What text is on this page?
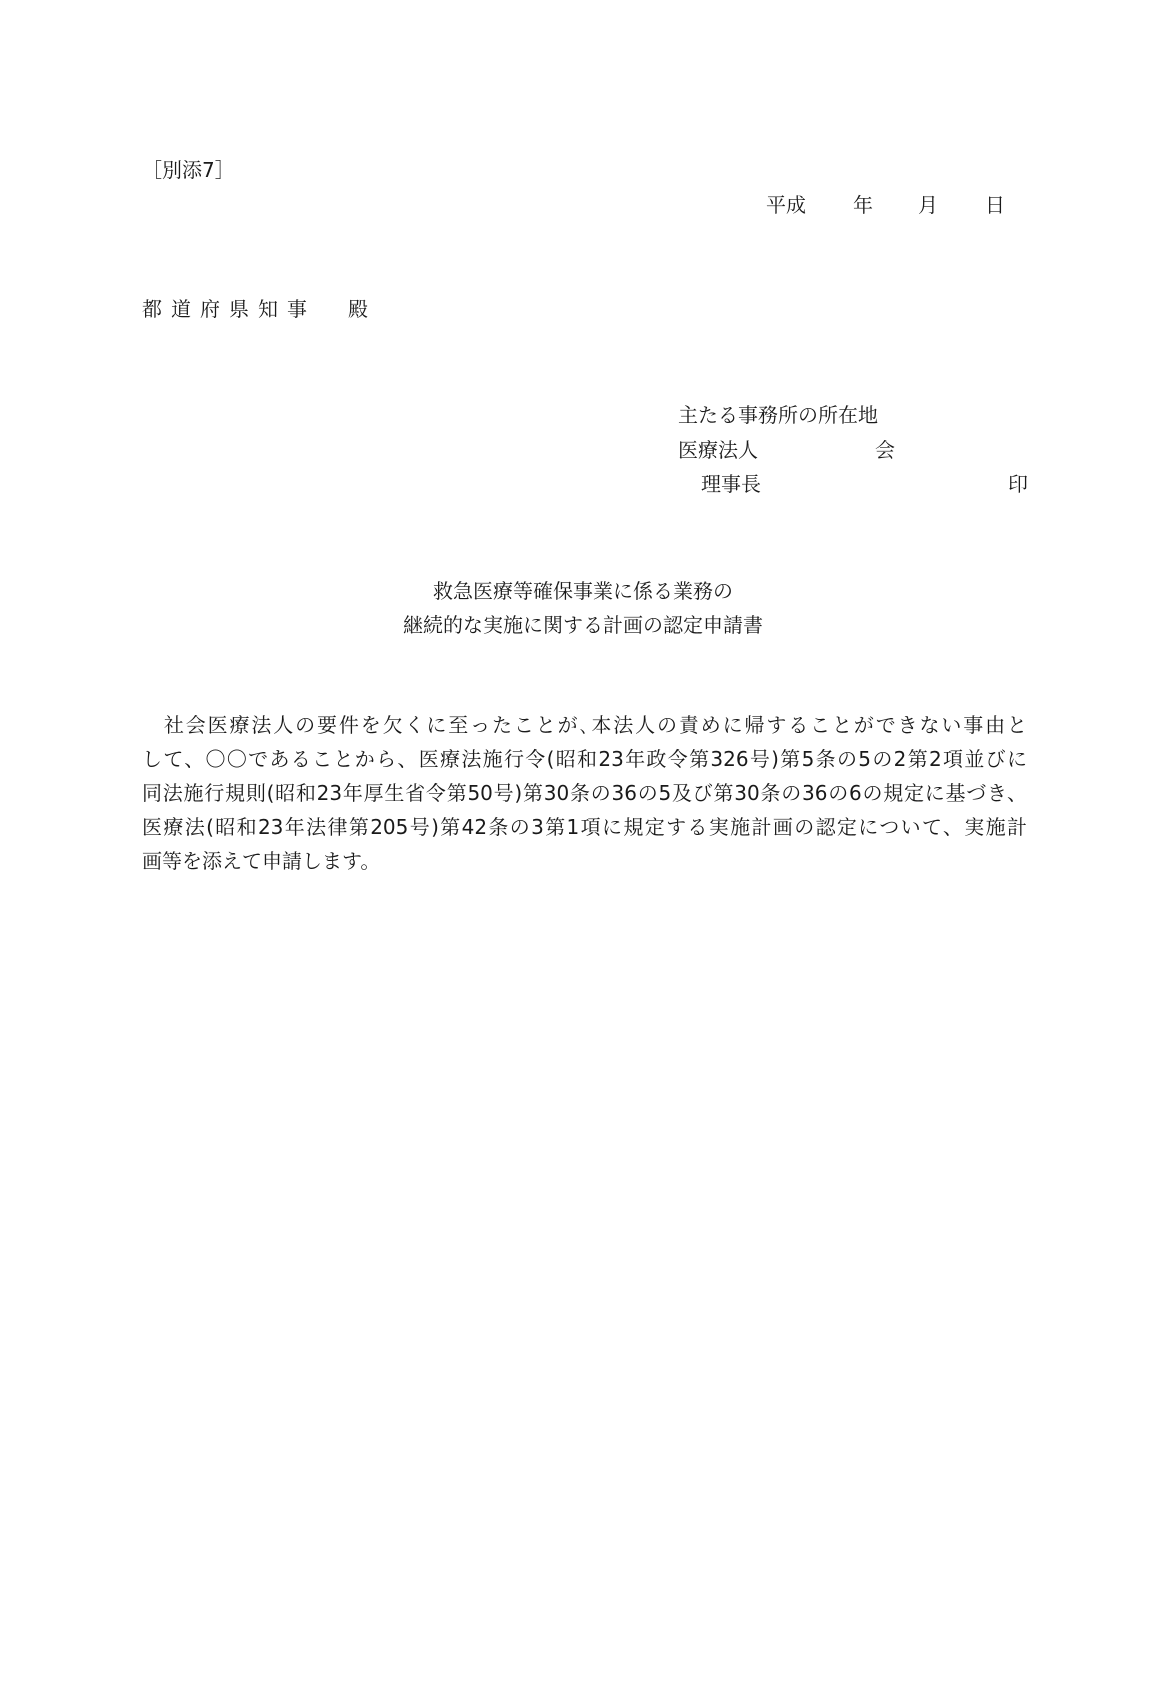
［別添7］
平成 年 月 日
都道府県知事 殿
主たる事務所の所在地
医療法人	会
理事長	印
救急医療等確保事業に係る業務の
継続的な実施に関する計画の認定申請書
　社会医療法人の要件を欠くに至ったことが､本法人の責めに帰することができない事由と
して、〇〇であることから、医療法施行令(昭和23年政令第326号)第5条の5の2第2項並びに
同法施行規則(昭和23年厚生省令第50号)第30条の36の5及び第30条の36の6の規定に基づき、
医療法(昭和23年法律第205号)第42条の3第1項に規定する実施計画の認定について、実施計
画等を添えて申請します。
